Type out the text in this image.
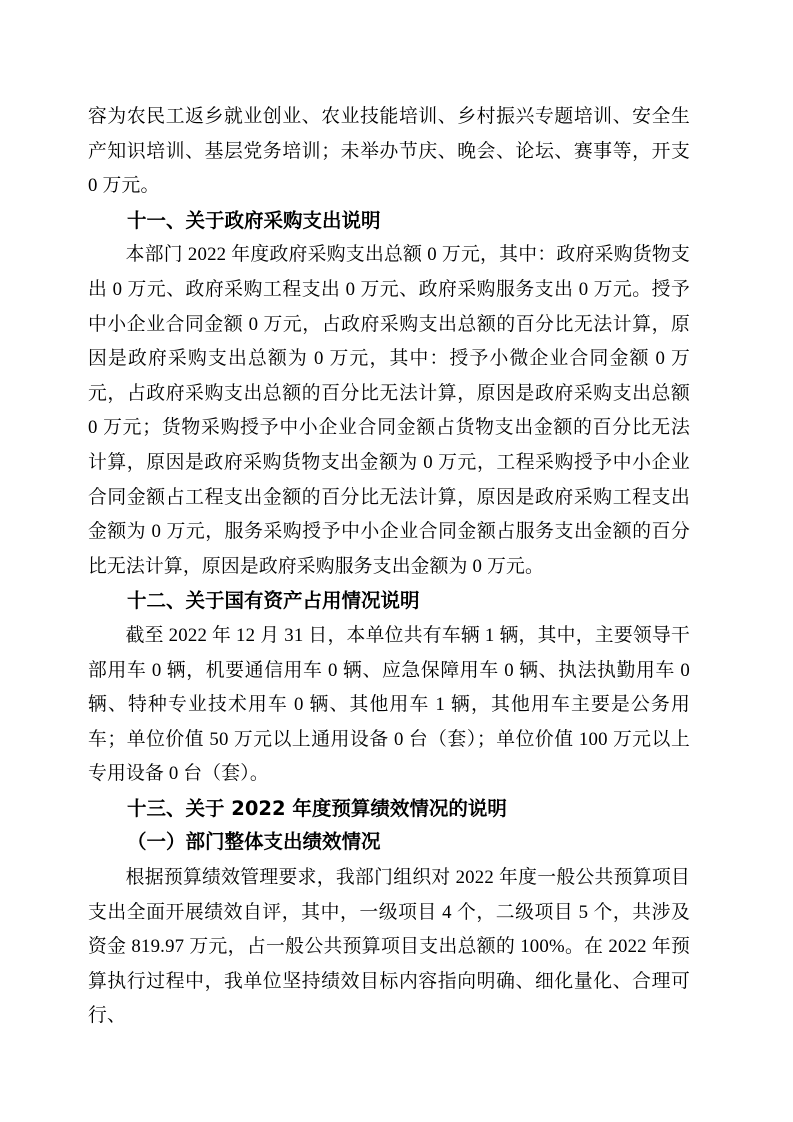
容为农民工返乡就业创业、农业技能培训、乡村振兴专题培训、安全生产知识培训、基层党务培训；未举办节庆、晚会、论坛、赛事等，开支 0 万元。

十一、关于政府采购支出说明

本部门 2022 年度政府采购支出总额 0 万元，其中：政府采购货物支出 0 万元、政府采购工程支出 0 万元、政府采购服务支出 0 万元。授予中小企业合同金额 0 万元，占政府采购支出总额的百分比无法计算，原因是政府采购支出总额为 0 万元，其中：授予小微企业合同金额 0 万元，占政府采购支出总额的百分比无法计算，原因是政府采购支出总额 0 万元；货物采购授予中小企业合同金额占货物支出金额的百分比无法计算，原因是政府采购货物支出金额为 0 万元，工程采购授予中小企业合同金额占工程支出金额的百分比无法计算，原因是政府采购工程支出金额为 0 万元，服务采购授予中小企业合同金额占服务支出金额的百分比无法计算，原因是政府采购服务支出金额为 0 万元。

十二、关于国有资产占用情况说明

截至 2022 年 12 月 31 日，本单位共有车辆 1 辆，其中，主要领导干部用车 0 辆，机要通信用车 0 辆、应急保障用车 0 辆、执法执勤用车 0 辆、特种专业技术用车 0 辆、其他用车 1 辆，其他用车主要是公务用车；单位价值 50 万元以上通用设备 0 台（套）；单位价值 100 万元以上专用设备 0 台（套）。

十三、关于 2022 年度预算绩效情况的说明
（一）部门整体支出绩效情况

根据预算绩效管理要求，我部门组织对 2022 年度一般公共预算项目支出全面开展绩效自评，其中，一级项目 4 个，二级项目 5 个，共涉及资金 819.97 万元，占一般公共预算项目支出总额的 100%。在 2022 年预算执行过程中，我单位坚持绩效目标内容指向明确、细化量化、合理可行、
